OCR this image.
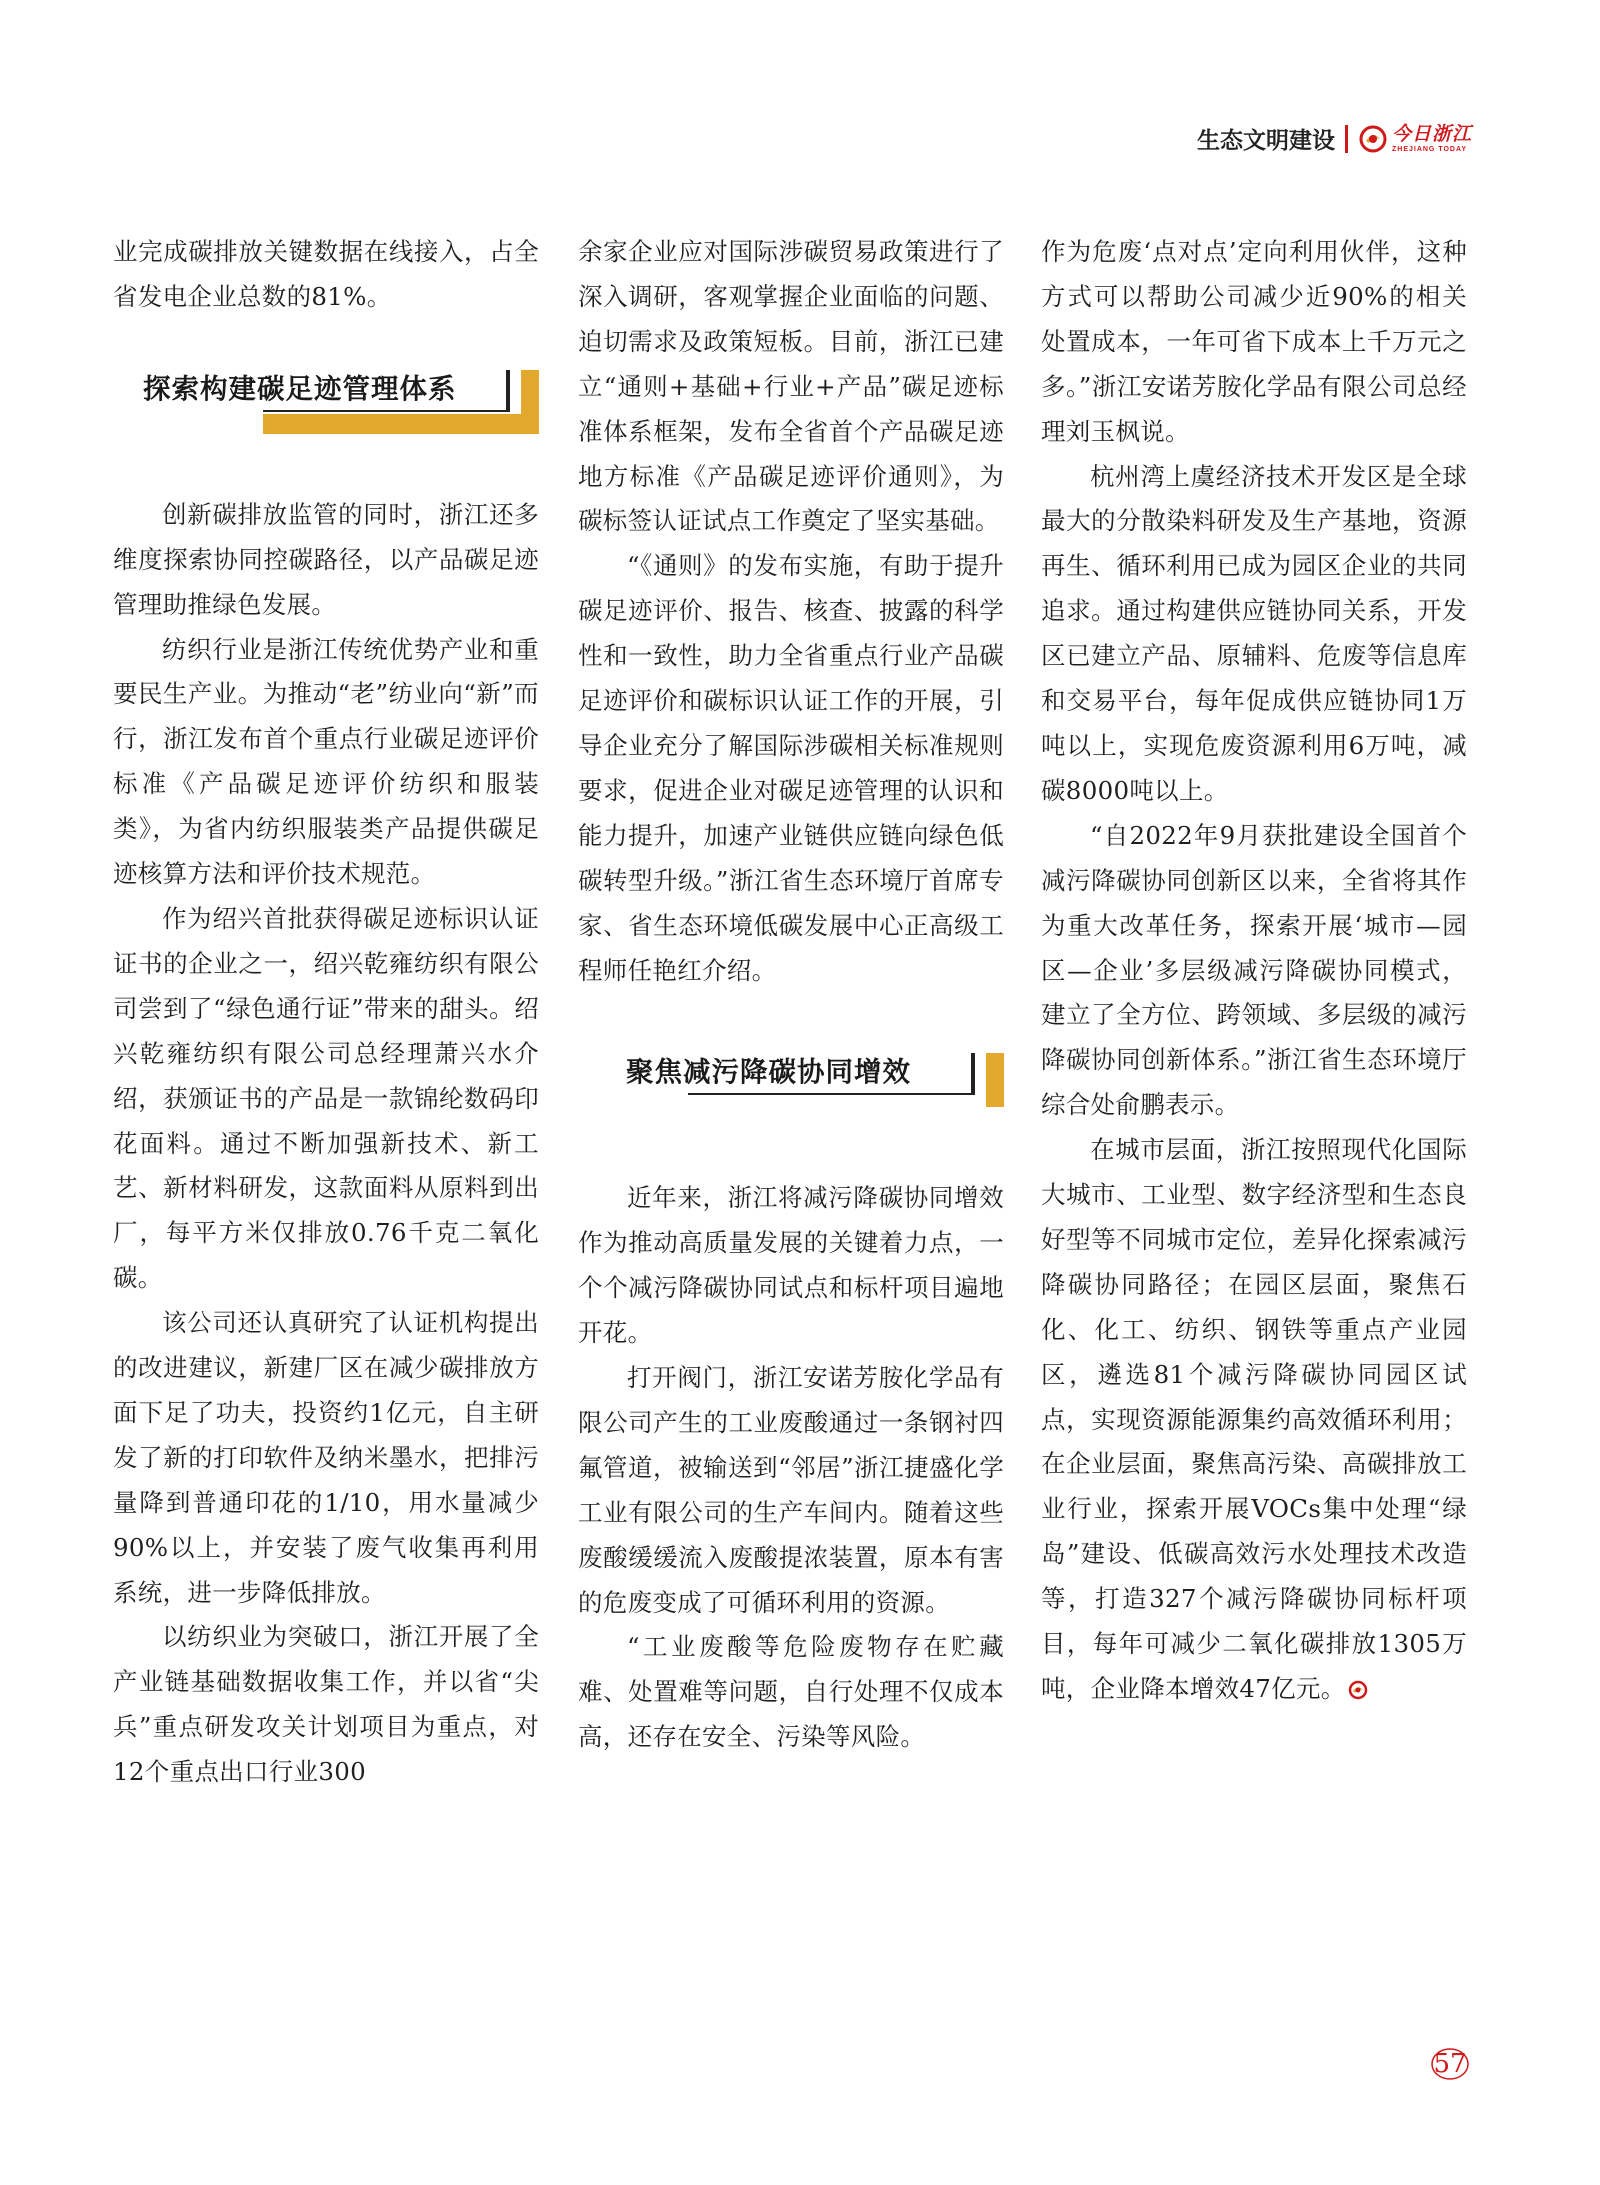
生态文明建设	今日浙江
ZHEJIANG TODAY

业完成碳排放关键数据在线接入，占全省发电企业总数的81%。

探索构建碳足迹管理体系

创新碳排放监管的同时，浙江还多维度探索协同控碳路径，以产品碳足迹管理助推绿色发展。

纺织行业是浙江传统优势产业和重要民生产业。为推动“老”纺业向“新”而行，浙江发布首个重点行业碳足迹评价标准《产品碳足迹评价纺织和服装类》，为省内纺织服装类产品提供碳足迹核算方法和评价技术规范。

作为绍兴首批获得碳足迹标识认证证书的企业之一，绍兴乾雍纺织有限公司尝到了“绿色通行证”带来的甜头。绍兴乾雍纺织有限公司总经理萧兴水介绍，获颁证书的产品是一款锦纶数码印花面料。通过不断加强新技术、新工艺、新材料研发，这款面料从原料到出厂，每平方米仅排放0.76千克二氧化碳。

该公司还认真研究了认证机构提出的改进建议，新建厂区在减少碳排放方面下足了功夫，投资约1亿元，自主研发了新的打印软件及纳米墨水，把排污量降到普通印花的1/10，用水量减少90%以上，并安装了废气收集再利用系统，进一步降低排放。

以纺织业为突破口，浙江开展了全产业链基础数据收集工作，并以省“尖兵”重点研发攻关计划项目为重点，对12个重点出口行业300

余家企业应对国际涉碳贸易政策进行了深入调研，客观掌握企业面临的问题、迫切需求及政策短板。目前，浙江已建立“通则+基础+行业+产品”碳足迹标准体系框架，发布全省首个产品碳足迹地方标准《产品碳足迹评价通则》，为碳标签认证试点工作奠定了坚实基础。

“《通则》的发布实施，有助于提升碳足迹评价、报告、核查、披露的科学性和一致性，助力全省重点行业产品碳足迹评价和碳标识认证工作的开展，引导企业充分了解国际涉碳相关标准规则要求，促进企业对碳足迹管理的认识和能力提升，加速产业链供应链向绿色低碳转型升级。”浙江省生态环境厅首席专家、省生态环境低碳发展中心正高级工程师任艳红介绍。

聚焦减污降碳协同增效

近年来，浙江将减污降碳协同增效作为推动高质量发展的关键着力点，一个个减污降碳协同试点和标杆项目遍地开花。

打开阀门，浙江安诺芳胺化学品有限公司产生的工业废酸通过一条钢衬四氟管道，被输送到“邻居”浙江捷盛化学工业有限公司的生产车间内。随着这些废酸缓缓流入废酸提浓装置，原本有害的危废变成了可循环利用的资源。

“工业废酸等危险废物存在贮藏难、处置难等问题，自行处理不仅成本高，还存在安全、污染等风险。

作为危废‘点对点’定向利用伙伴，这种方式可以帮助公司减少近90%的相关处置成本，一年可省下成本上千万元之多。”浙江安诺芳胺化学品有限公司总经理刘玉枫说。

杭州湾上虞经济技术开发区是全球最大的分散染料研发及生产基地，资源再生、循环利用已成为园区企业的共同追求。通过构建供应链协同关系，开发区已建立产品、原辅料、危废等信息库和交易平台，每年促成供应链协同1万吨以上，实现危废资源利用6万吨，减碳8000吨以上。

“自2022年9月获批建设全国首个减污降碳协同创新区以来，全省将其作为重大改革任务，探索开展‘城市—园区—企业’多层级减污降碳协同模式，建立了全方位、跨领域、多层级的减污降碳协同创新体系。”浙江省生态环境厅综合处俞鹏表示。

在城市层面，浙江按照现代化国际大城市、工业型、数字经济型和生态良好型等不同城市定位，差异化探索减污降碳协同路径；在园区层面，聚焦石化、化工、纺织、钢铁等重点产业园区，遴选81个减污降碳协同园区试点，实现资源能源集约高效循环利用；在企业层面，聚焦高污染、高碳排放工业行业，探索开展VOCs集中处理“绿岛”建设、低碳高效污水处理技术改造等，打造327个减污降碳协同标杆项目，每年可减少二氧化碳排放1305万吨，企业降本增效47亿元。

57
